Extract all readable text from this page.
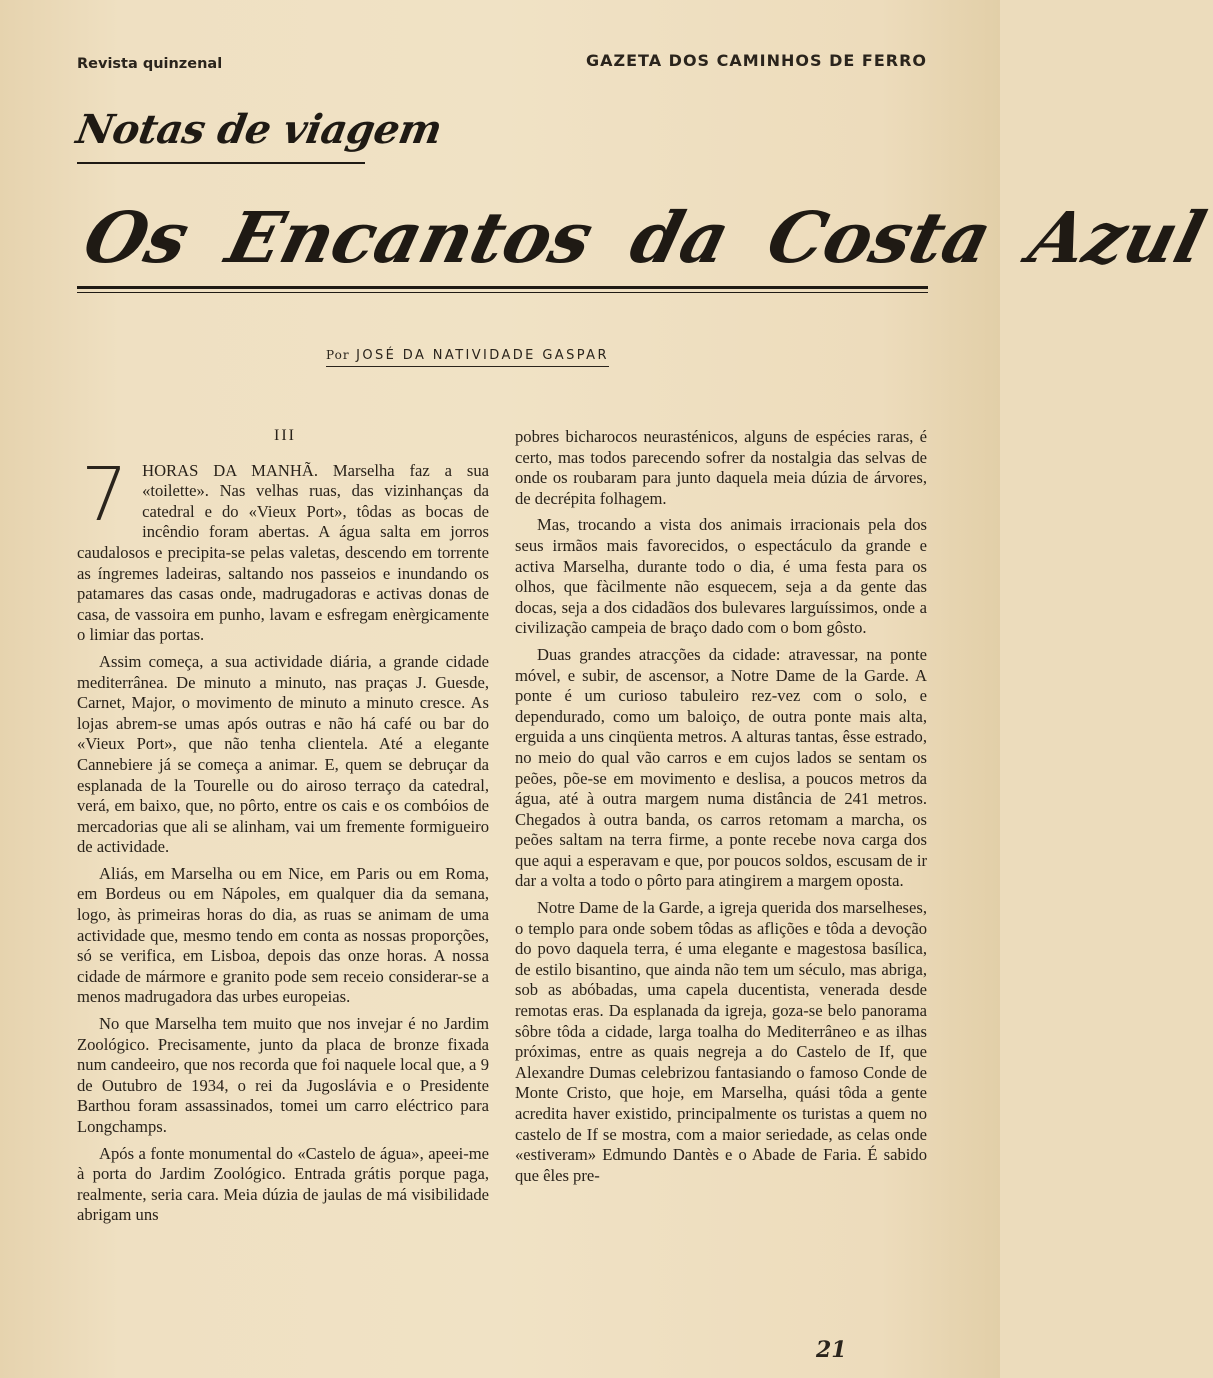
Revista quinzenal	GAZETA DOS CAMINHOS DE FERRO
Notas de viagem
Os Encantos da Costa Azul
Por JOSÉ DA NATIVIDADE GASPAR
III

7 HORAS DA MANHÃ. Marselha faz a sua «toilette». Nas velhas ruas, das vizinhanças da catedral e do «Vieux Port», tôdas as bocas de incêndio foram abertas. A água salta em jorros caudalosos e precipita-se pelas valetas, descendo em torrente as íngremes ladeiras, saltando nos passeios e inundando os patamares das casas onde, madrugadoras e activas donas de casa, de vassoira em punho, lavam e esfregam enèrgicamente o limiar das portas.

Assim começa, a sua actividade diária, a grande cidade mediterrânea. De minuto a minuto, nas praças J. Guesde, Carnet, Major, o movimento de minuto a minuto cresce. As lojas abrem-se umas após outras e não há café ou bar do «Vieux Port», que não tenha clientela. Até a elegante Cannebiere já se começa a animar. E, quem se debruçar da esplanada de la Tourelle ou do airoso terraço da catedral, verá, em baixo, que, no pôrto, entre os cais e os combóios de mercadorias que ali se alinham, vai um fremente formigueiro de actividade.

Aliás, em Marselha ou em Nice, em Paris ou em Roma, em Bordeus ou em Nápoles, em qualquer dia da semana, logo, às primeiras horas do dia, as ruas se animam de uma actividade que, mesmo tendo em conta as nossas proporções, só se verifica, em Lisboa, depois das onze horas. A nossa cidade de mármore e granito pode sem receio considerar-se a menos madrugadora das urbes europeias.

No que Marselha tem muito que nos invejar é no Jardim Zoológico. Precisamente, junto da placa de bronze fixada num candeeiro, que nos recorda que foi naquele local que, a 9 de Outubro de 1934, o rei da Jugoslávia e o Presidente Barthou foram assassinados, tomei um carro eléctrico para Longchamps.

Após a fonte monumental do «Castelo de água», apeei-me à porta do Jardim Zoológico. Entrada grátis porque paga, realmente, seria cara. Meia dúzia de jaulas de má visibilidade abrigam uns

pobres bicharocos neurasténicos, alguns de espécies raras, é certo, mas todos parecendo sofrer da nostalgia das selvas de onde os roubaram para junto daquela meia dúzia de árvores, de decrépita folhagem.

Mas, trocando a vista dos animais irracionais pela dos seus irmãos mais favorecidos, o espectáculo da grande e activa Marselha, durante todo o dia, é uma festa para os olhos, que fàcilmente não esquecem, seja a da gente das docas, seja a dos cidadãos dos bulevares larguíssimos, onde a civilização campeia de braço dado com o bom gôsto.

Duas grandes atracções da cidade: atravessar, na ponte móvel, e subir, de ascensor, a Notre Dame de la Garde. A ponte é um curioso tabuleiro rez-vez com o solo, e dependurado, como um baloiço, de outra ponte mais alta, erguida a uns cinqüenta metros. A alturas tantas, êsse estrado, no meio do qual vão carros e em cujos lados se sentam os peões, põe-se em movimento e deslisa, a poucos metros da água, até à outra margem numa distância de 241 metros. Chegados à outra banda, os carros retomam a marcha, os peões saltam na terra firme, a ponte recebe nova carga dos que aqui a esperavam e que, por poucos soldos, escusam de ir dar a volta a todo o pôrto para atingirem a margem oposta.

Notre Dame de la Garde, a igreja querida dos marselheses, o templo para onde sobem tôdas as aflições e tôda a devoção do povo daquela terra, é uma elegante e magestosa basílica, de estilo bisantino, que ainda não tem um século, mas abriga, sob as abóbadas, uma capela ducentista, venerada desde remotas eras. Da esplanada da igreja, goza-se belo panorama sôbre tôda a cidade, larga toalha do Mediterrâneo e as ilhas próximas, entre as quais negreja a do Castelo de If, que Alexandre Dumas celebrizou fantasiando o famoso Conde de Monte Cristo, que hoje, em Marselha, quási tôda a gente acredita haver existido, principalmente os turistas a quem no castelo de If se mostra, com a maior seriedade, as celas onde «estiveram» Edmundo Dantès e o Abade de Faria. É sabido que êles pre-

21
